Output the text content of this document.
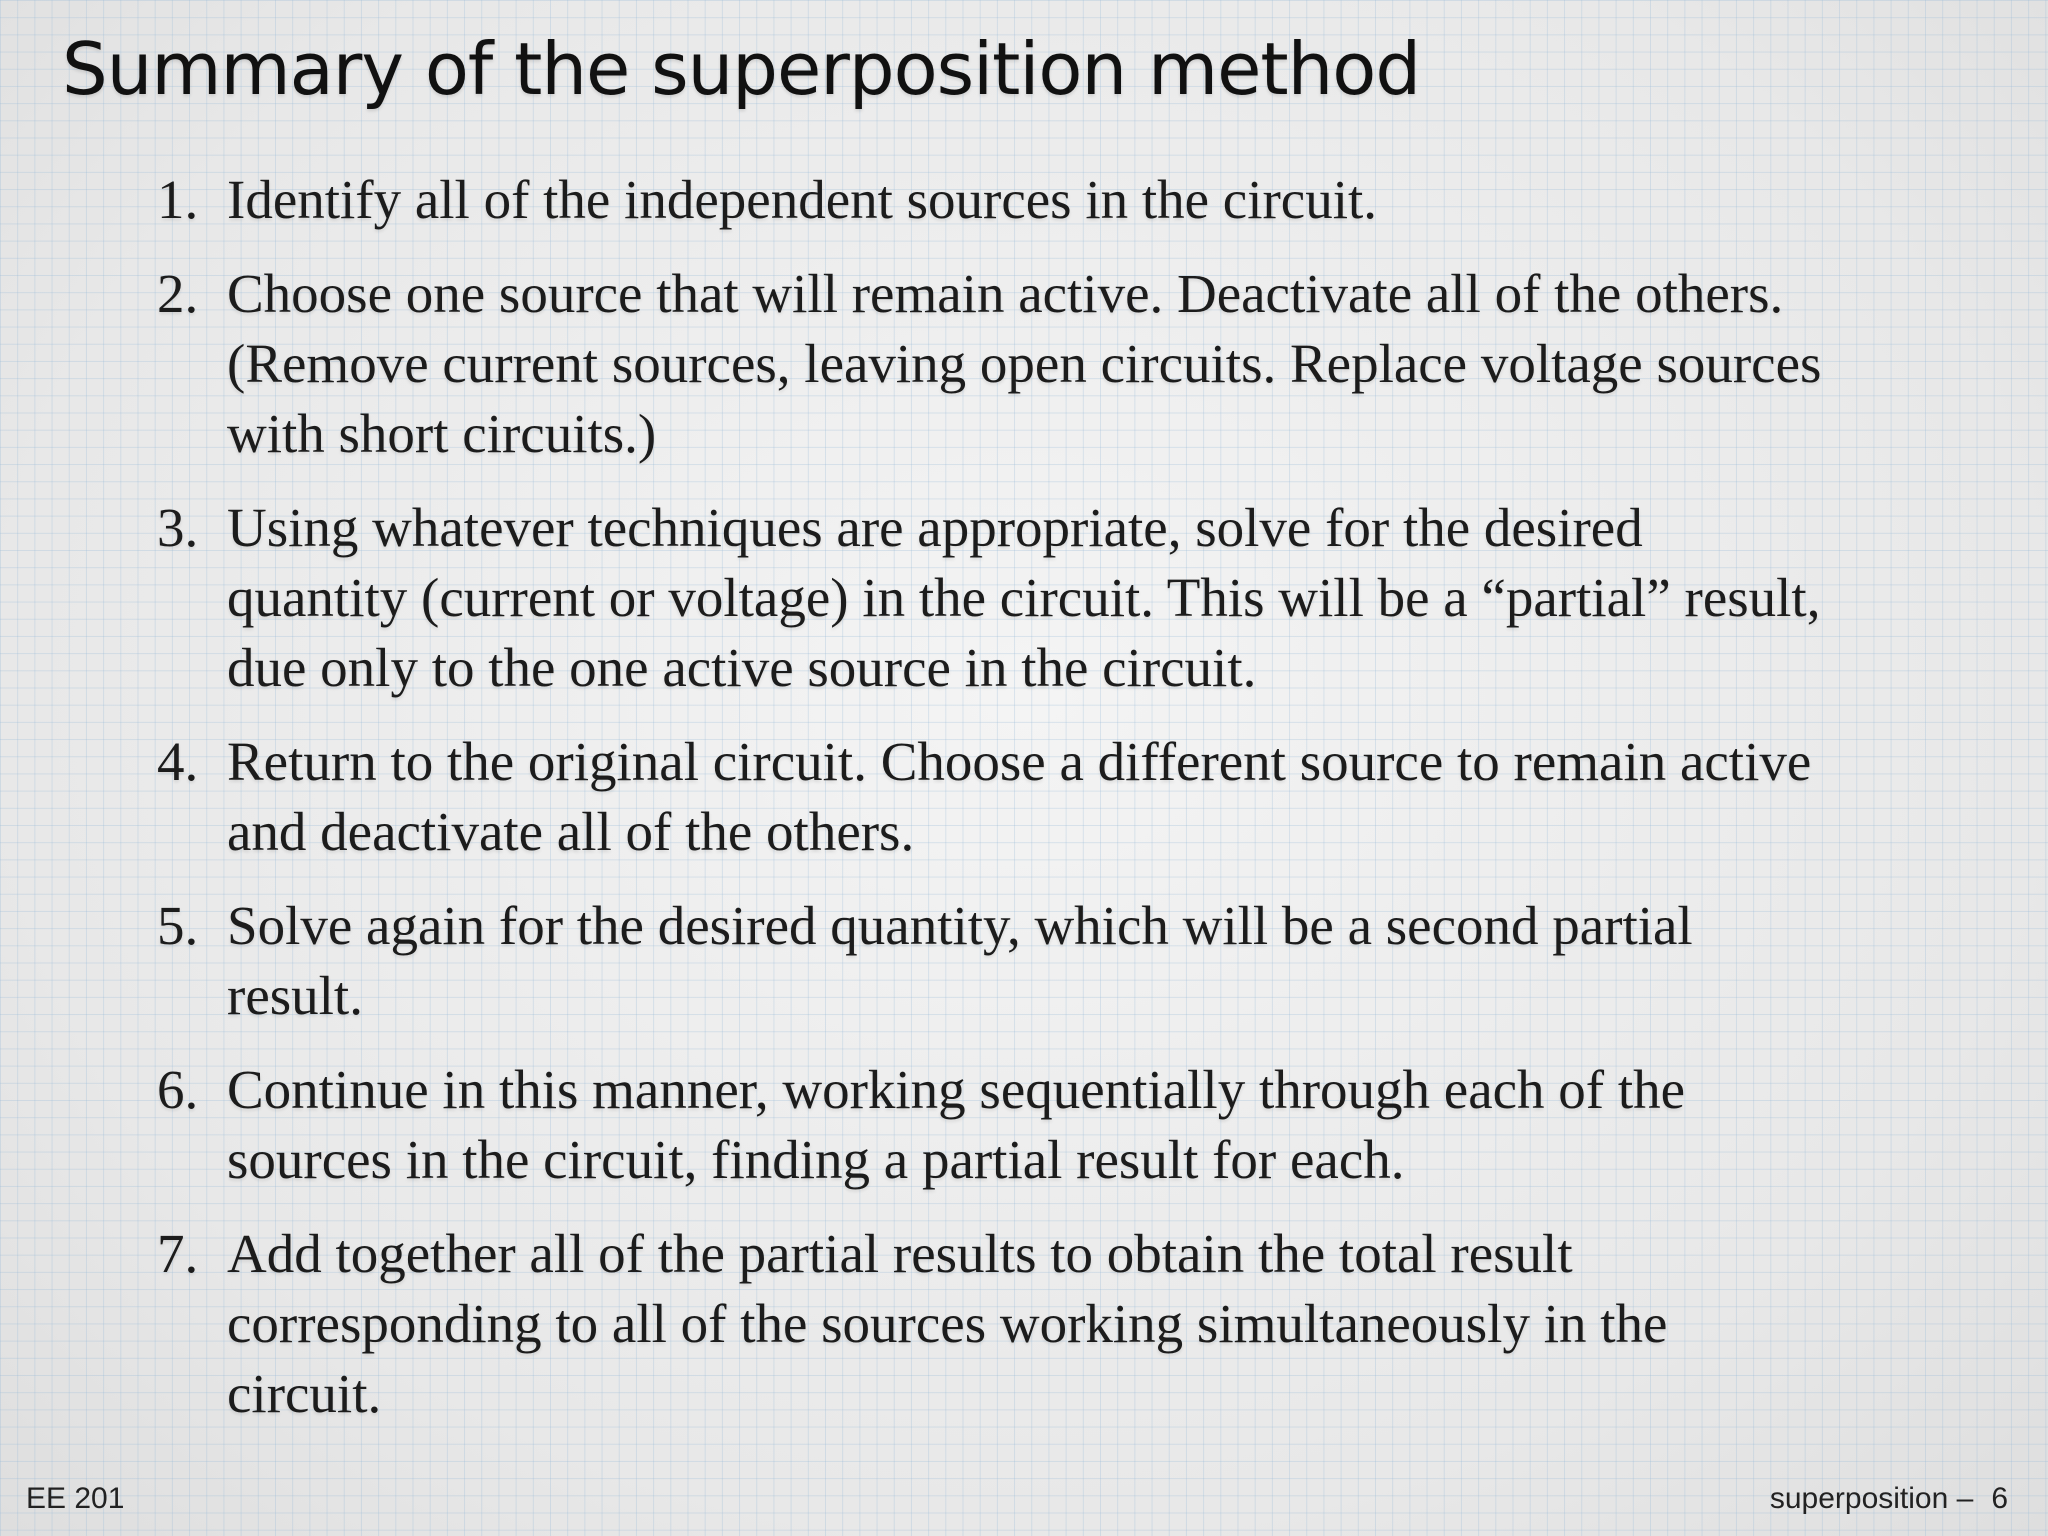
Summary of the superposition method
1. Identify all of the independent sources in the circuit.
2. Choose one source that will remain active. Deactivate all of the others. (Remove current sources, leaving open circuits. Replace voltage sources with short circuits.)
3. Using whatever techniques are appropriate, solve for the desired quantity (current or voltage) in the circuit. This will be a “partial” result, due only to the one active source in the circuit.
4. Return to the original circuit. Choose a different source to remain active and deactivate all of the others.
5. Solve again for the desired quantity, which will be a second partial result.
6. Continue in this manner, working sequentially through each of the sources in the circuit, finding a partial result for each.
7. Add together all of the partial results to obtain the total result corresponding to all of the sources working simultaneously in the circuit.
EE 201	superposition – 6
